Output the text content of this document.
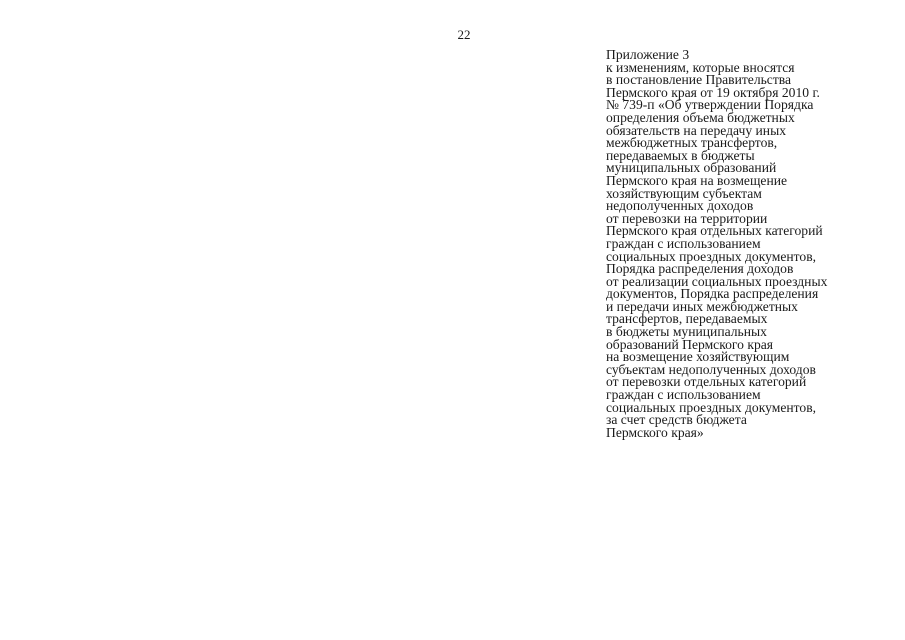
22
Приложение 3
к изменениям, которые вносятся
в постановление Правительства
Пермского края от 19 октября 2010 г.
№ 739-п «Об утверждении Порядка
определения объема бюджетных
обязательств на передачу иных
межбюджетных трансфертов,
передаваемых в бюджеты
муниципальных образований
Пермского края на возмещение
хозяйствующим субъектам
недополученных доходов
от перевозки на территории
Пермского края отдельных категорий
граждан с использованием
социальных проездных документов,
Порядка распределения доходов
от реализации социальных проездных
документов, Порядка распределения
и передачи иных межбюджетных
трансфертов, передаваемых
в бюджеты муниципальных
образований Пермского края
на возмещение хозяйствующим
субъектам недополученных доходов
от перевозки отдельных категорий
граждан с использованием
социальных проездных документов,
за счет средств бюджета
Пермского края»
